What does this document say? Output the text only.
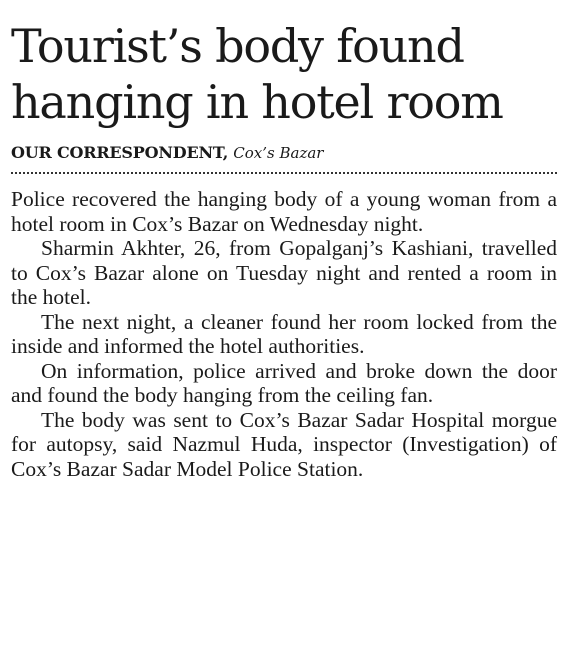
Tourist’s body found hanging in hotel room
OUR CORRESPONDENT, Cox’s Bazar

Police recovered the hanging body of a young woman from a hotel room in Cox’s Bazar on Wednesday night.

Sharmin Akhter, 26, from Gopalganj’s Kashiani, travelled to Cox’s Bazar alone on Tuesday night and rented a room in the hotel.

The next night, a cleaner found her room locked from the inside and informed the hotel authorities.

On information, police arrived and broke down the door and found the body hanging from the ceiling fan.

The body was sent to Cox’s Bazar Sadar Hospital morgue for autopsy, said Nazmul Huda, inspector (Investigation) of Cox’s Bazar Sadar Model Police Station.
